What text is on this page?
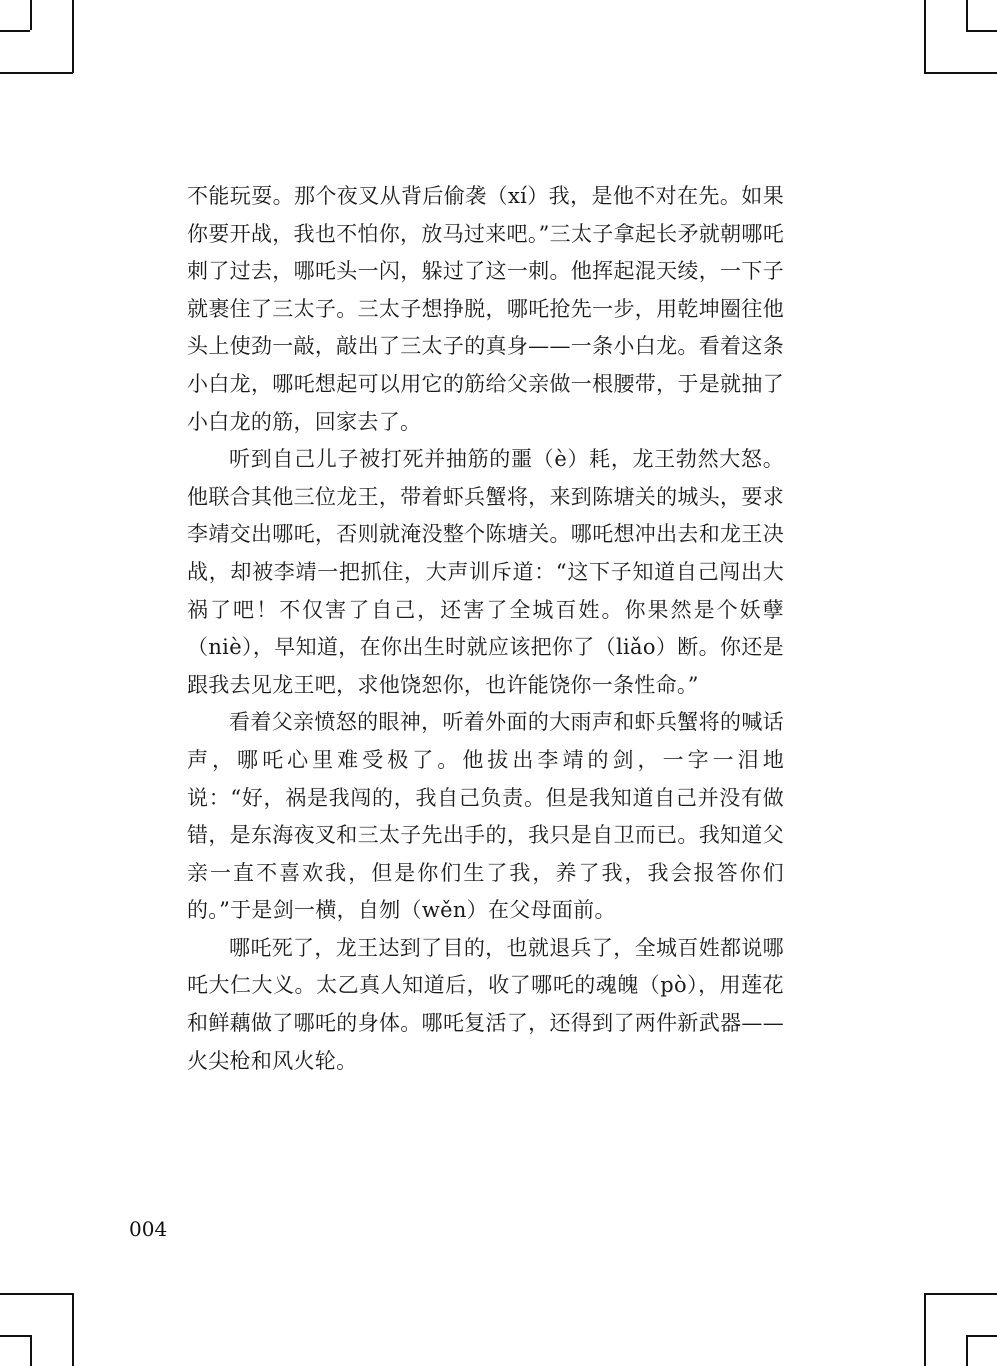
不能玩耍。那个夜叉从背后偷袭（xí）我，是他不对在先。如果你要开战，我也不怕你，放马过来吧。”三太子拿起长矛就朝哪吒刺了过去，哪吒头一闪，躲过了这一刺。他挥起混天绫，一下子就裹住了三太子。三太子想挣脱，哪吒抢先一步，用乾坤圈往他头上使劲一敲，敲出了三太子的真身——一条小白龙。看着这条小白龙，哪吒想起可以用它的筋给父亲做一根腰带，于是就抽了小白龙的筋，回家去了。

听到自己儿子被打死并抽筋的噩（è）耗，龙王勃然大怒。他联合其他三位龙王，带着虾兵蟹将，来到陈塘关的城头，要求李靖交出哪吒，否则就淹没整个陈塘关。哪吒想冲出去和龙王决战，却被李靖一把抓住，大声训斥道：“这下子知道自己闯出大祸了吧！不仅害了自己，还害了全城百姓。你果然是个妖孽（niè），早知道，在你出生时就应该把你了（liǎo）断。你还是跟我去见龙王吧，求他饶恕你，也许能饶你一条性命。”

看着父亲愤怒的眼神，听着外面的大雨声和虾兵蟹将的喊话声，哪吒心里难受极了。他拔出李靖的剑，一字一泪地说：“好，祸是我闯的，我自己负责。但是我知道自己并没有做错，是东海夜叉和三太子先出手的，我只是自卫而已。我知道父亲一直不喜欢我，但是你们生了我，养了我，我会报答你们的。”于是剑一横，自刎（wěn）在父母面前。

哪吒死了，龙王达到了目的，也就退兵了，全城百姓都说哪吒大仁大义。太乙真人知道后，收了哪吒的魂魄（pò），用莲花和鲜藕做了哪吒的身体。哪吒复活了，还得到了两件新武器——火尖枪和风火轮。

004
